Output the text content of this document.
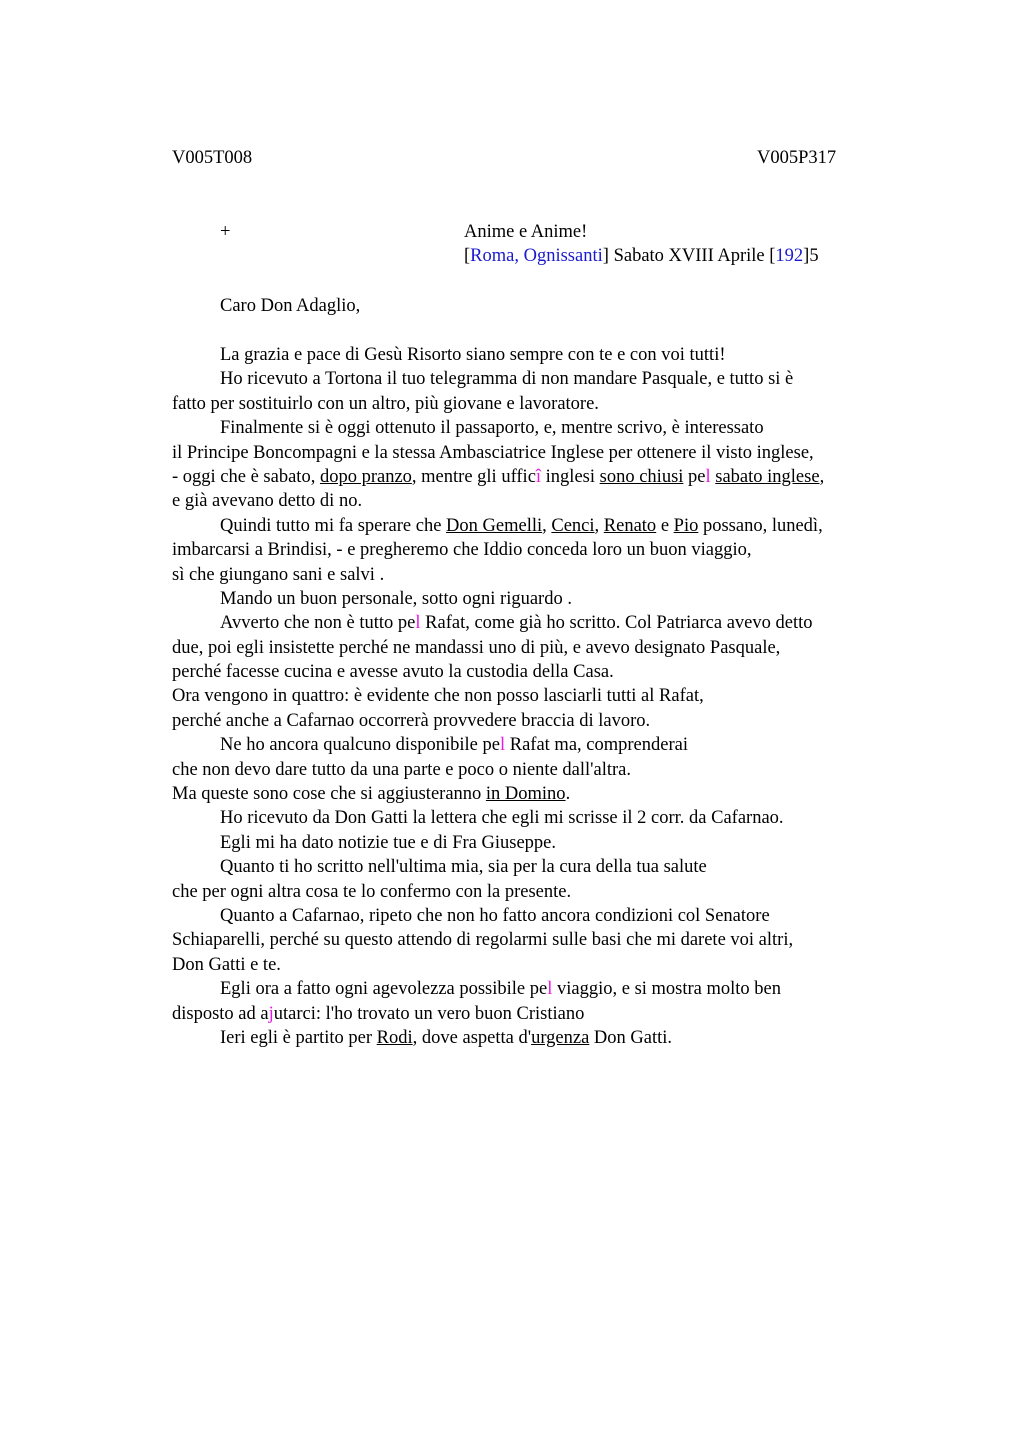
V005T008	V005P317
+	Anime e Anime!
[Roma, Ognissanti] Sabato XVIII Aprile [192]5
Caro Don Adaglio,
La grazia e pace di Gesù Risorto siano sempre con te e con voi tutti!
Ho ricevuto a Tortona il tuo telegramma di non mandare Pasquale, e tutto si è
fatto per sostituirlo con un altro, più giovane e lavoratore.
Finalmente si è oggi ottenuto il passaporto, e, mentre scrivo, è interessato
il Principe Boncompagni e la stessa Ambasciatrice Inglese per ottenere il visto inglese,
- oggi che è sabato, dopo pranzo, mentre gli ufficî inglesi sono chiusi pel sabato inglese,
e già avevano detto di no.
Quindi tutto mi fa sperare che Don Gemelli, Cenci, Renato e Pio possano, lunedì,
imbarcarsi a Brindisi, - e pregheremo che Iddio conceda loro un buon viaggio,
sì che giungano sani e salvi .
Mando un buon personale, sotto ogni riguardo .
Avverto che non è tutto pel Rafat, come già ho scritto. Col Patriarca avevo detto
due, poi egli insistette perché ne mandassi uno di più, e avevo designato Pasquale,
perché facesse cucina e avesse avuto la custodia della Casa.
Ora vengono in quattro: è evidente che non posso lasciarli tutti al Rafat,
perché anche a Cafarnao occorrerà provvedere braccia di lavoro.
Ne ho ancora qualcuno disponibile pel Rafat ma, comprenderai
che non devo dare tutto da una parte e poco o niente dall'altra.
Ma queste sono cose che si aggiusteranno in Domino.
Ho ricevuto da Don Gatti la lettera che egli mi scrisse il 2 corr. da Cafarnao.
Egli mi ha dato notizie tue e di Fra Giuseppe.
Quanto ti ho scritto nell'ultima mia, sia per la cura della tua salute
che per ogni altra cosa te lo confermo con la presente.
Quanto a Cafarnao, ripeto che non ho fatto ancora condizioni col Senatore
Schiaparelli, perché su questo attendo di regolarmi sulle basi che mi darete voi altri,
Don Gatti e te.
Egli ora a fatto ogni agevolezza possibile pel viaggio, e si mostra molto ben
disposto ad ajutarci: l'ho trovato un vero buon Cristiano
Ieri egli è partito per Rodi, dove aspetta d'urgenza Don Gatti.
